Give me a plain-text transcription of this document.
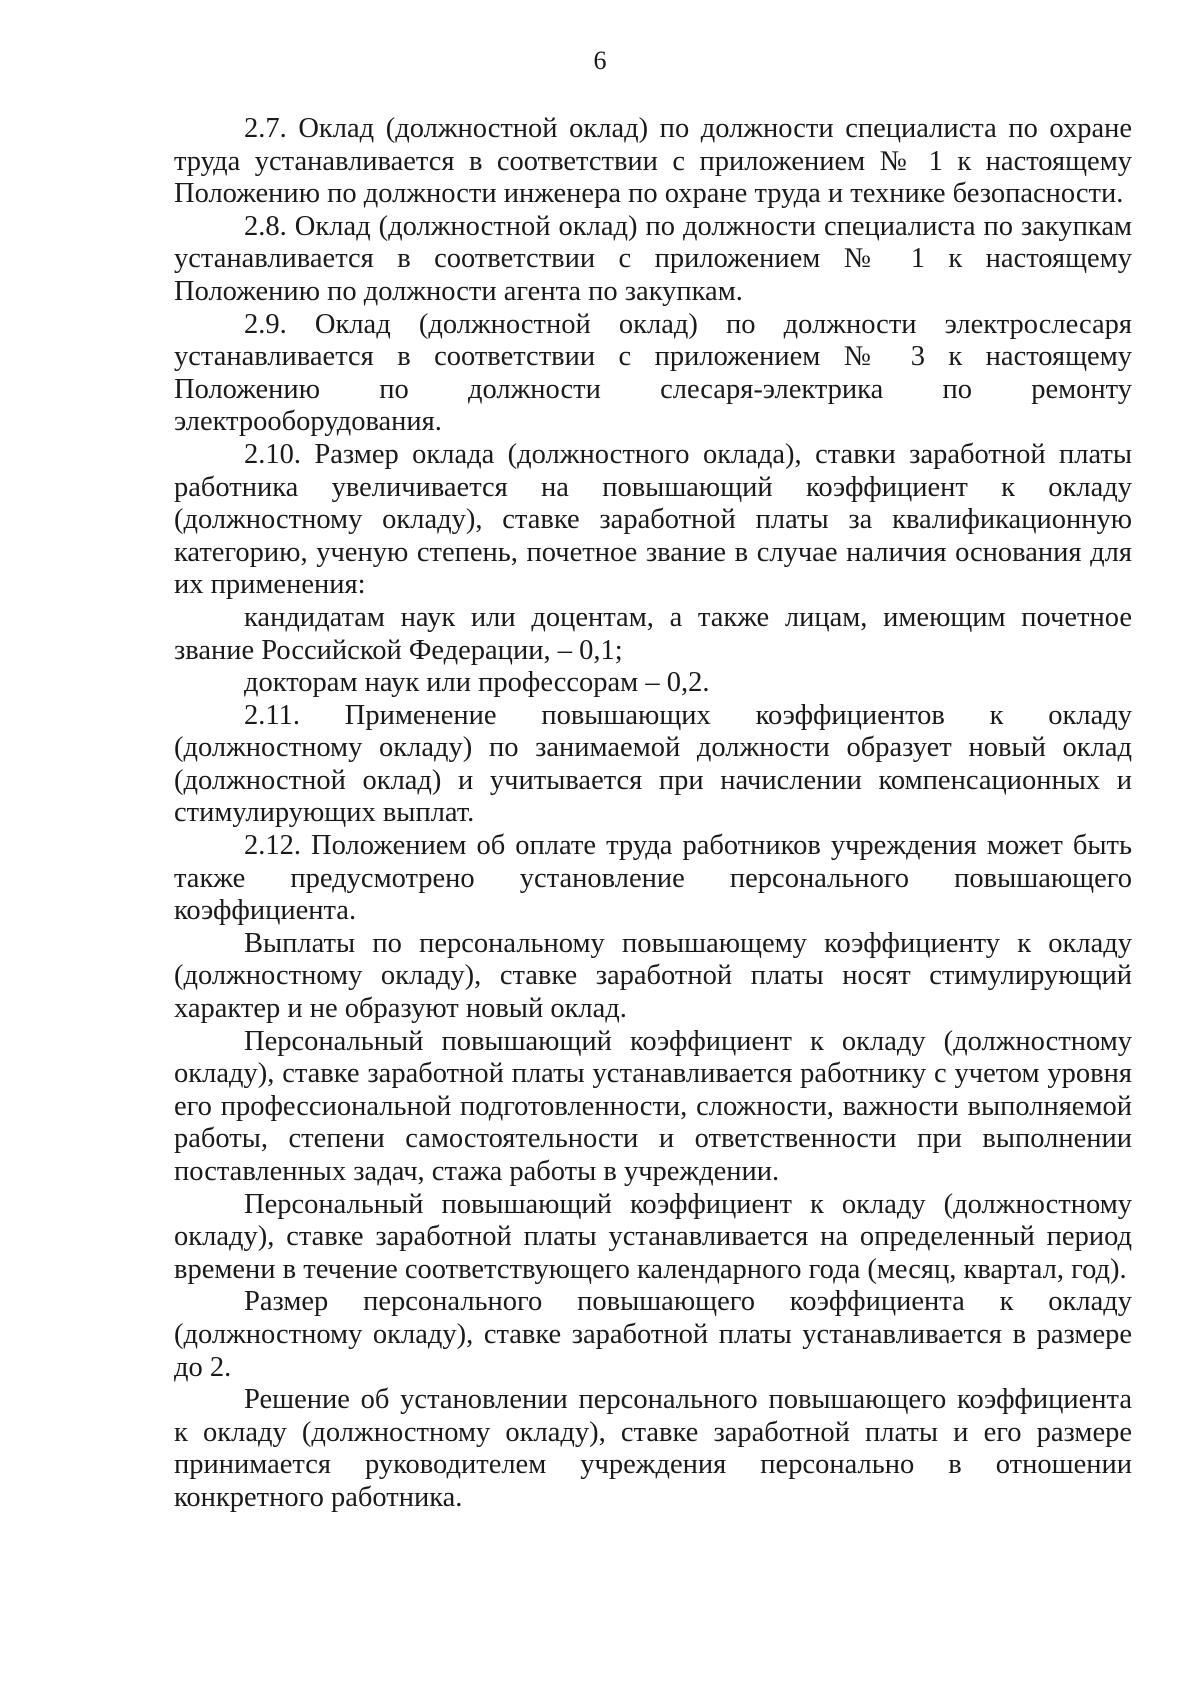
6

2.7. Оклад (должностной оклад) по должности специалиста по охране труда устанавливается в соответствии с приложением № 1 к настоящему Положению по должности инженера по охране труда и технике безопасности.

2.8. Оклад (должностной оклад) по должности специалиста по закупкам устанавливается в соответствии с приложением № 1 к настоящему Положению по должности агента по закупкам.

2.9. Оклад (должностной оклад) по должности электрослесаря устанавливается в соответствии с приложением № 3 к настоящему Положению по должности слесаря-электрика по ремонту электрооборудования.

2.10. Размер оклада (должностного оклада), ставки заработной платы работника увеличивается на повышающий коэффициент к окладу (должностному окладу), ставке заработной платы за квалификационную категорию, ученую степень, почетное звание в случае наличия основания для их применения:

кандидатам наук или доцентам, а также лицам, имеющим почетное звание Российской Федерации, – 0,1;

докторам наук или профессорам – 0,2.

2.11. Применение повышающих коэффициентов к окладу (должностному окладу) по занимаемой должности образует новый оклад (должностной оклад) и учитывается при начислении компенсационных и стимулирующих выплат.

2.12. Положением об оплате труда работников учреждения может быть также предусмотрено установление персонального повышающего коэффициента.

Выплаты по персональному повышающему коэффициенту к окладу (должностному окладу), ставке заработной платы носят стимулирующий характер и не образуют новый оклад.

Персональный повышающий коэффициент к окладу (должностному окладу), ставке заработной платы устанавливается работнику с учетом уровня его профессиональной подготовленности, сложности, важности выполняемой работы, степени самостоятельности и ответственности при выполнении поставленных задач, стажа работы в учреждении.

Персональный повышающий коэффициент к окладу (должностному окладу), ставке заработной платы устанавливается на определенный период времени в течение соответствующего календарного года (месяц, квартал, год).

Размер персонального повышающего коэффициента к окладу (должностному окладу), ставке заработной платы устанавливается в размере до 2.

Решение об установлении персонального повышающего коэффициента к окладу (должностному окладу), ставке заработной платы и его размере принимается руководителем учреждения персонально в отношении конкретного работника.
